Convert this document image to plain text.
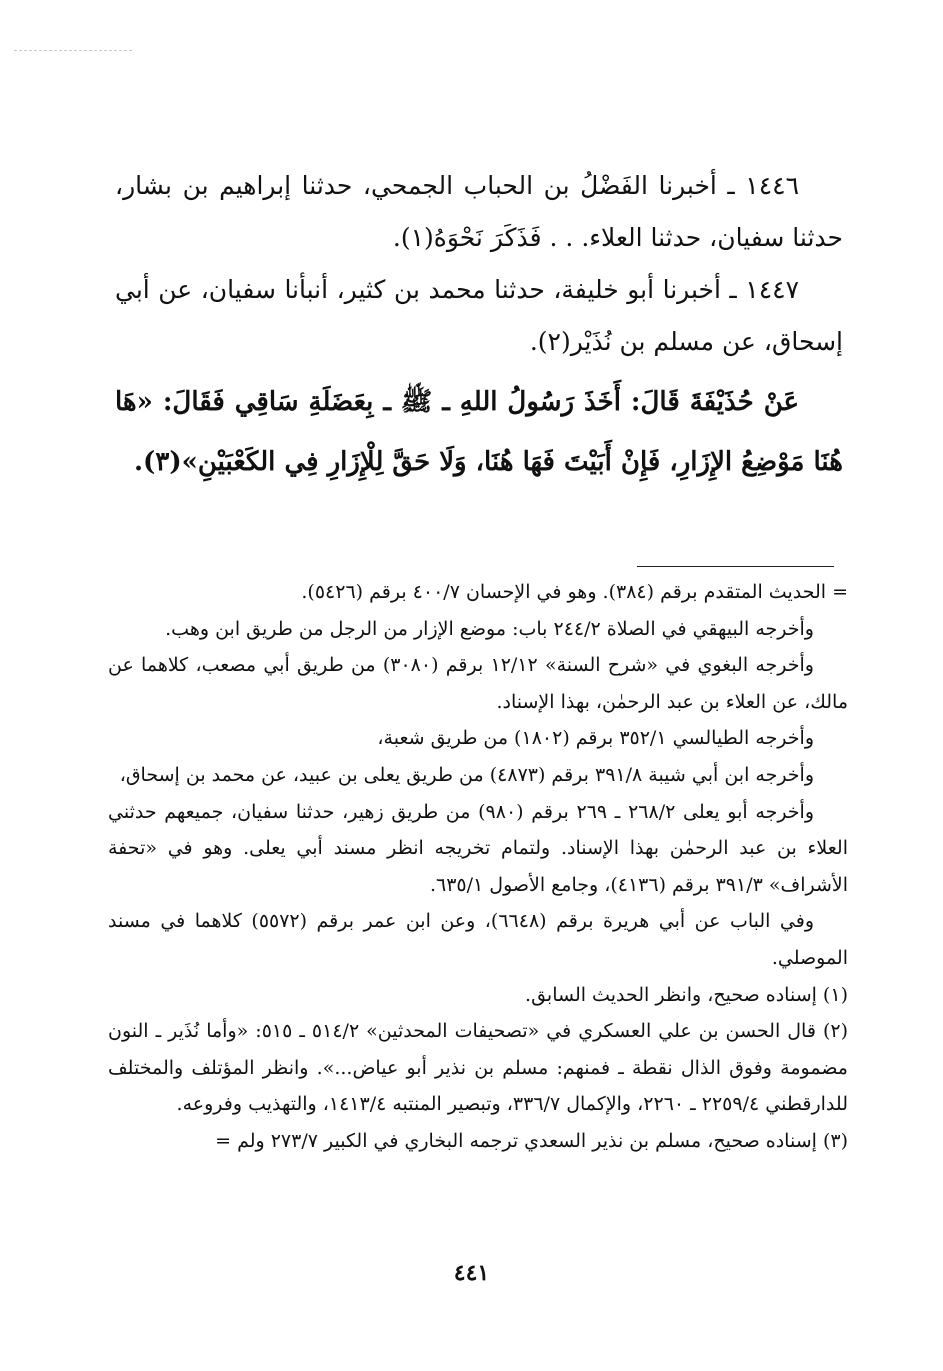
١٤٤٦ ـ أخبرنا الفَضْلُ بن الحباب الجمحي، حدثنا إبراهيم بن بشار، حدثنا سفيان، حدثنا العلاء. . . فَذَكَرَ نَحْوَهُ(١).

١٤٤٧ ـ أخبرنا أبو خليفة، حدثنا محمد بن كثير، أنبأنا سفيان، عن أبي إسحاق، عن مسلم بن نُذَيْر(٢).

عَنْ حُذَيْفَةَ قَالَ: أَخَذَ رَسُولُ اللهِ ـ ﷺ ـ بِعَضَلَةِ سَاقِي فَقَالَ: «هَا هُنَا مَوْضِعُ الإِزَارِ، فَإِنْ أَبَيْتَ فَهَا هُنَا، وَلَا حَقَّ لِلْإِزَارِ فِي الكَعْبَيْنِ»(٣).

= الحديث المتقدم برقم (٣٨٤). وهو في الإحسان ٤٠٠/٧ برقم (٥٤٢٦).

وأخرجه البيهقي في الصلاة ٢٤٤/٢ باب: موضع الإزار من الرجل من طريق ابن وهب.

وأخرجه البغوي في «شرح السنة» ١٢/١٢ برقم (٣٠٨٠) من طريق أبي مصعب، كلاهما عن مالك، عن العلاء بن عبد الرحمٰن، بهذا الإسناد.

وأخرجه الطيالسي ٣٥٢/١ برقم (١٨٠٢) من طريق شعبة،

وأخرجه ابن أبي شيبة ٣٩١/٨ برقم (٤٨٧٣) من طريق يعلى بن عبيد، عن محمد بن إسحاق،

وأخرجه أبو يعلى ٢٦٨/٢ ـ ٢٦٩ برقم (٩٨٠) من طريق زهير، حدثنا سفيان، جميعهم حدثني العلاء بن عبد الرحمٰن بهذا الإسناد. ولتمام تخريجه انظر مسند أبي يعلى. وهو في «تحفة الأشراف» ٣٩١/٣ برقم (٤١٣٦)، وجامع الأصول ٦٣٥/١.

وفي الباب عن أبي هريرة برقم (٦٦٤٨)، وعن ابن عمر برقم (٥٥٧٢) كلاهما في مسند الموصلي.

(١) إسناده صحيح، وانظر الحديث السابق.

(٢) قال الحسن بن علي العسكري في «تصحيفات المحدثين» ٥١٤/٢ ـ ٥١٥: «وأما نُذَير ـ النون مضمومة وفوق الذال نقطة ـ فمنهم: مسلم بن نذير أبو عياض...». وانظر المؤتلف والمختلف للدارقطني ٢٢٥٩/٤ ـ ٢٢٦٠، والإكمال ٣٣٦/٧، وتبصير المنتبه ١٤١٣/٤، والتهذيب وفروعه.

(٣) إسناده صحيح، مسلم بن نذير السعدي ترجمه البخاري في الكبير ٢٧٣/٧ ولم =

٤٤١
